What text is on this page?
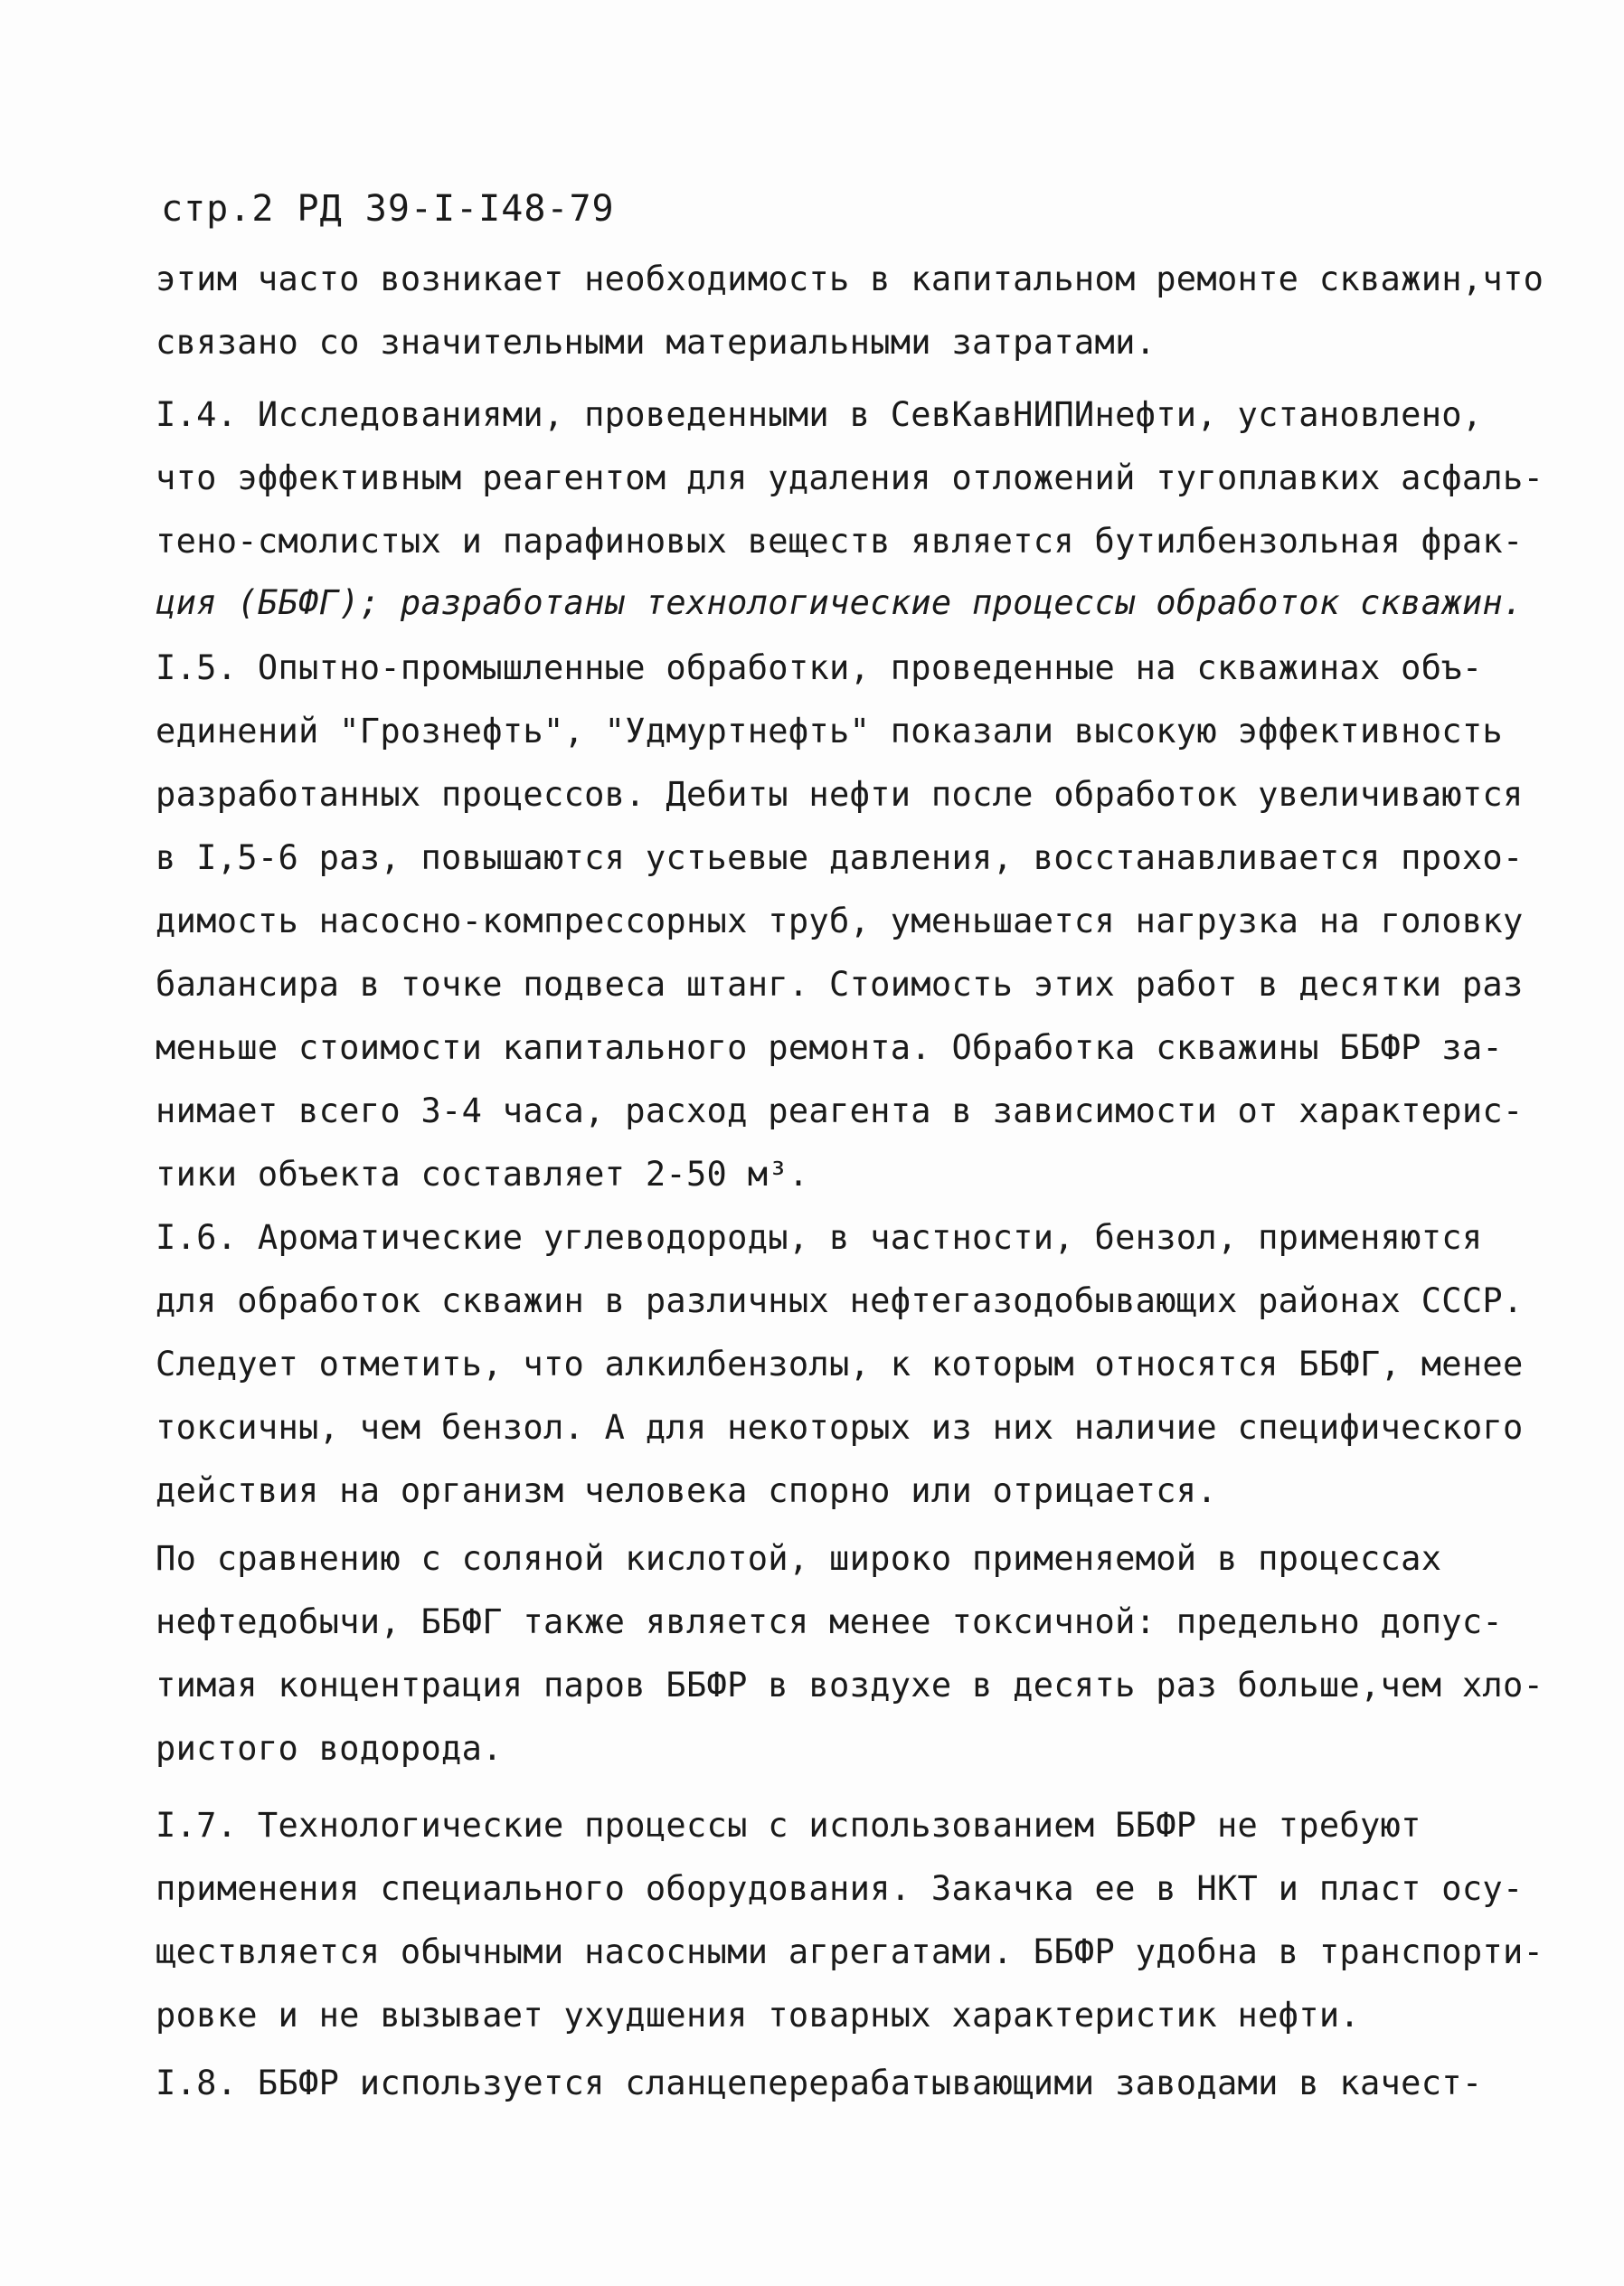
стр.2 РД 39-I-I48-79
этим часто возникает необходимость в капитальном ремонте скважин,что
связано со значительными материальными затратами.
I.4. Исследованиями, проведенными в СевКавНИПИнефти, установлено,
что эффективным реагентом для удаления отложений тугоплавких асфаль-
тено-смолистых и парафиновых веществ является бутилбензольная фрак-
ция (ББФГ); разработаны технологические процессы обработок скважин.
I.5. Опытно-промышленные обработки, проведенные на скважинах объ-
единений "Грознефть", "Удмуртнефть" показали высокую эффективность
разработанных процессов. Дебиты нефти после обработок увеличиваются
в I,5-6 раз, повышаются устьевые давления, восстанавливается прохо-
димость насосно-компрессорных труб, уменьшается нагрузка на головку
балансира в точке подвеса штанг. Стоимость этих работ в десятки раз
меньше стоимости капитального ремонта. Обработка скважины ББФР за-
нимает всего 3-4 часа, расход реагента в зависимости от характерис-
тики объекта составляет 2-50 м³.
I.6. Ароматические углеводороды, в частности, бензол, применяются
для обработок скважин в различных нефтегазодобывающих районах СССР.
Следует отметить, что алкилбензолы, к которым относятся ББФГ, менее
токсичны, чем бензол. А для некоторых из них наличие специфического
действия на организм человека спорно или отрицается.
По сравнению с соляной кислотой, широко применяемой в процессах
нефтедобычи, ББФГ также является менее токсичной: предельно допус-
тимая концентрация паров ББФР в воздухе в десять раз больше,чем хло-
ристого водорода.
I.7. Технологические процессы с использованием ББФР не требуют
применения специального оборудования. Закачка ее в НКТ и пласт осу-
ществляется обычными насосными агрегатами. ББФР удобна в транспорти-
ровке и не вызывает ухудшения товарных характеристик нефти.
I.8. ББФР используется сланцеперерабатывающими заводами в качест-
